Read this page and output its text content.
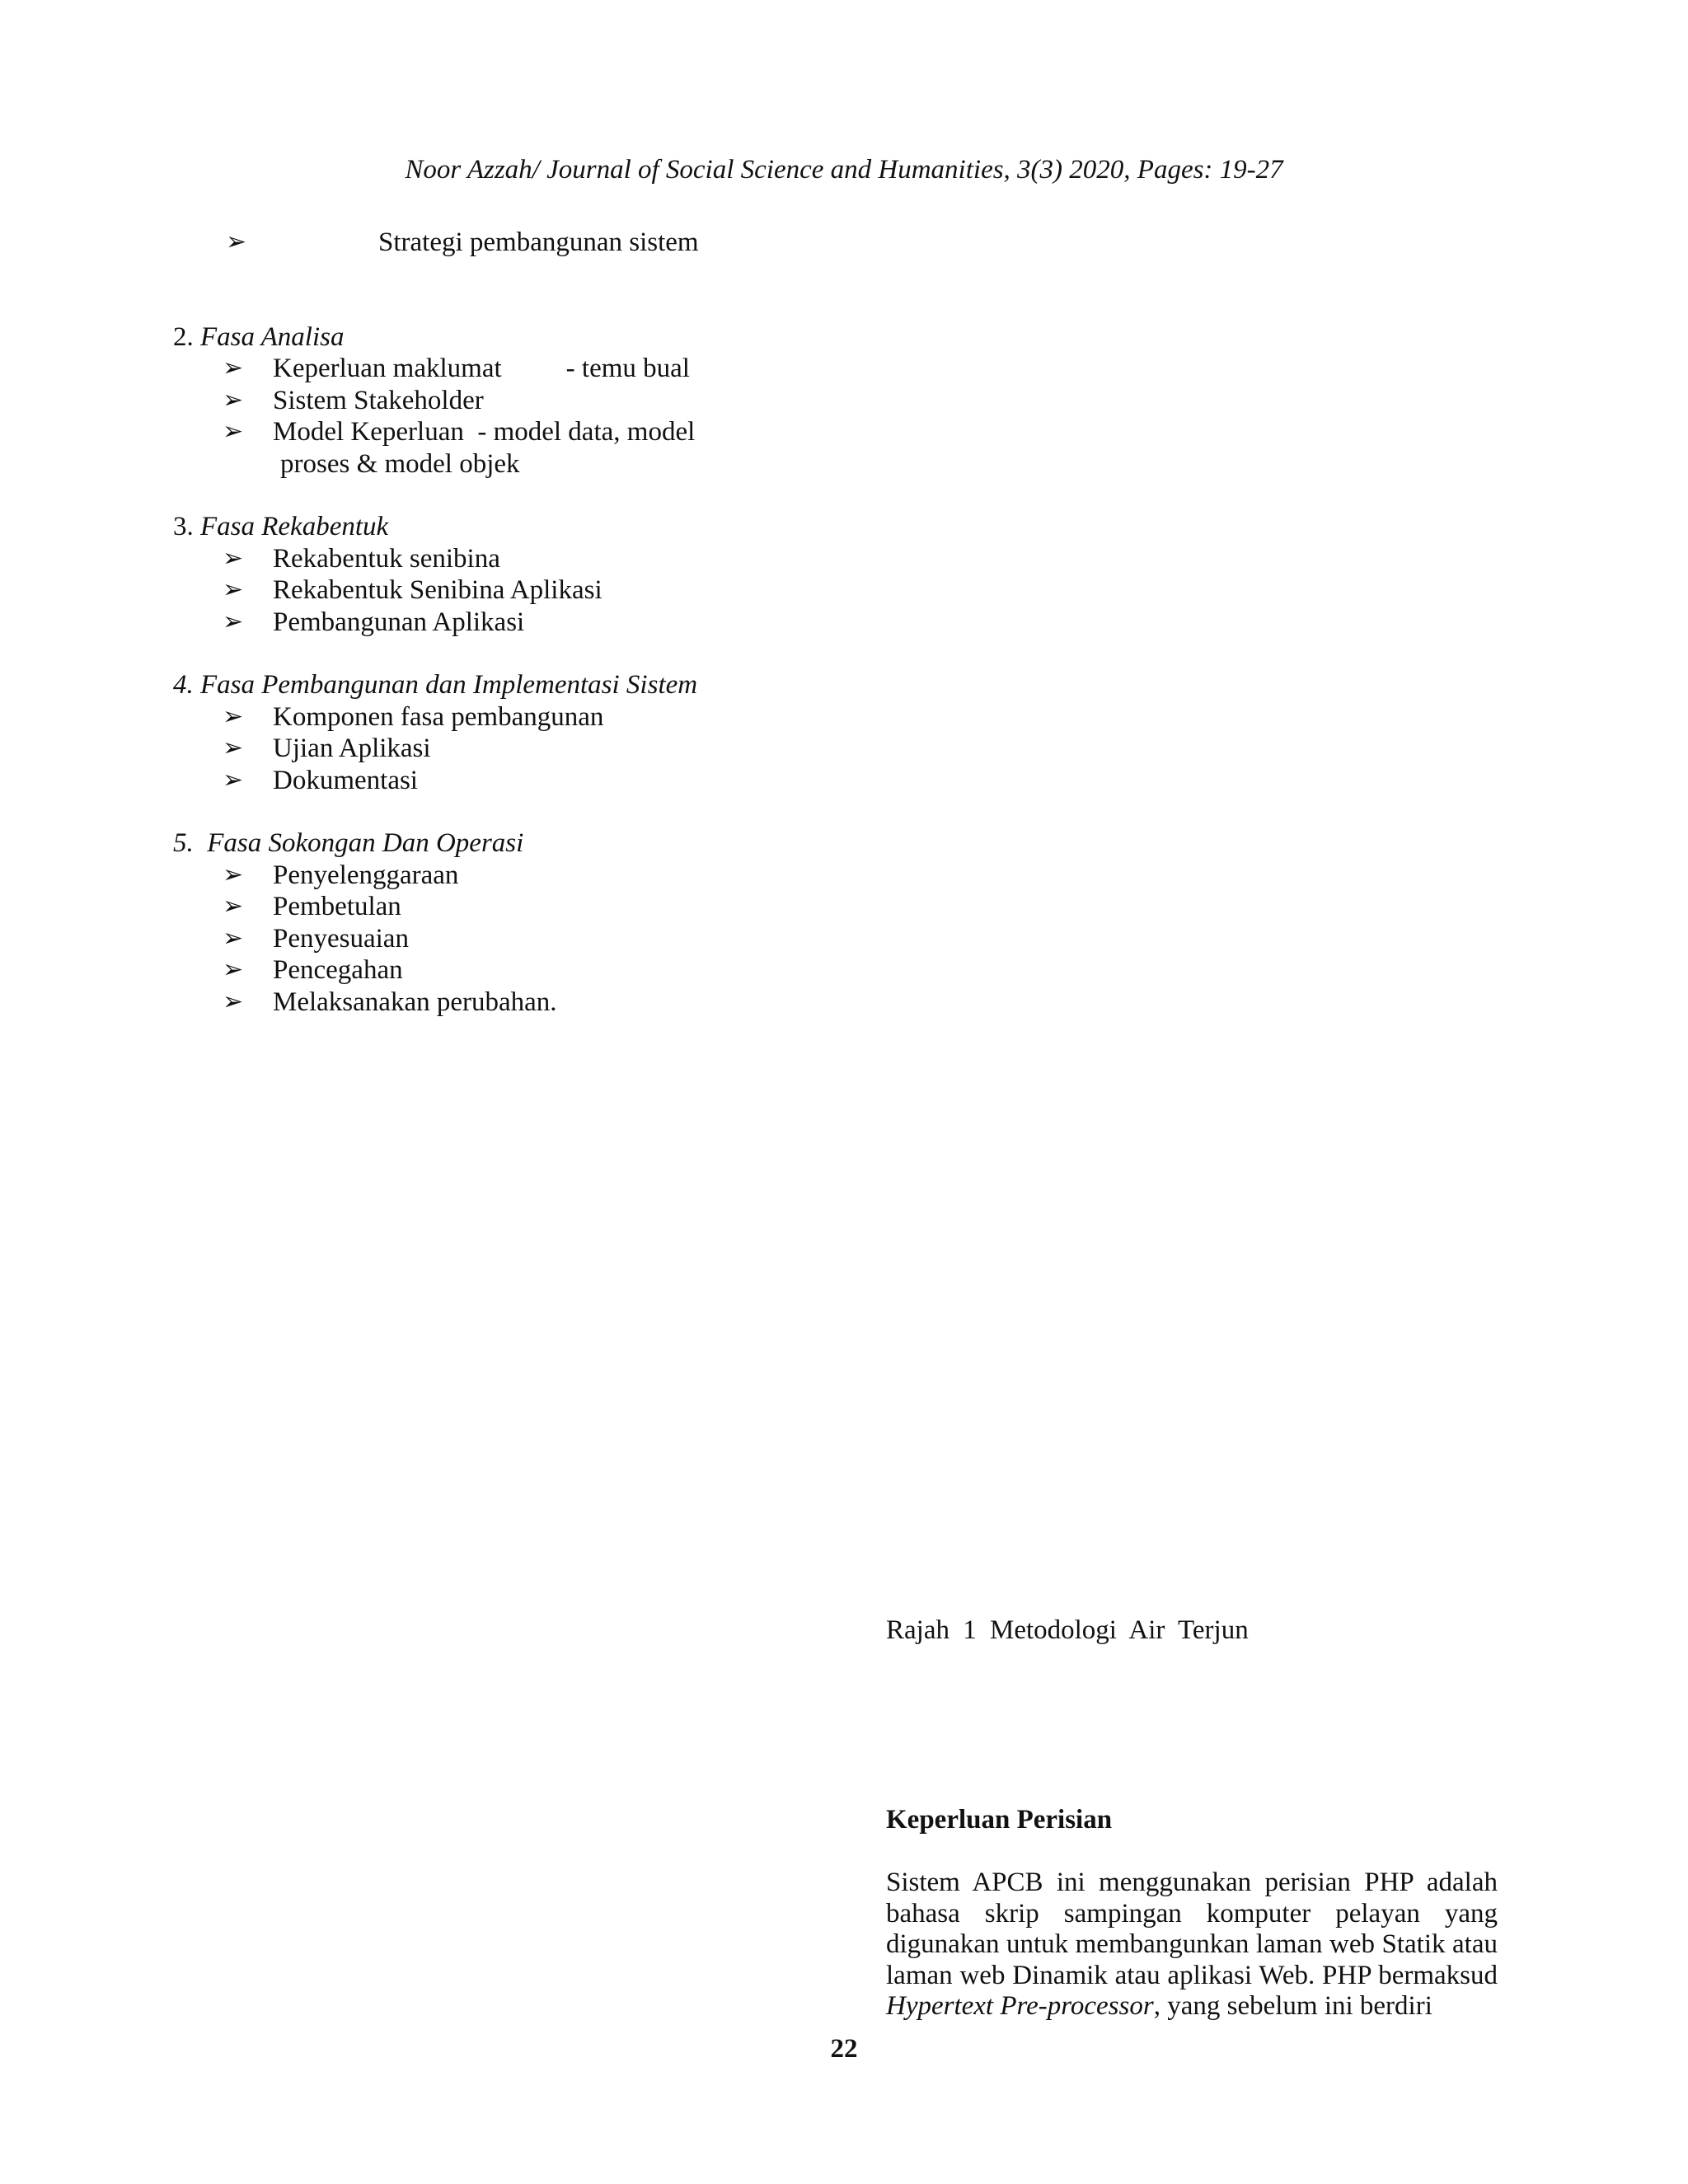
Noor Azzah/ Journal of Social Science and Humanities, 3(3) 2020, Pages: 19-27
➢	Strategi pembangunan sistem
2. Fasa Analisa
➢ Keperluan maklumat - temu bual
➢ Sistem Stakeholder
➢ Model Keperluan  - model data, model
proses & model objek
3. Fasa Rekabentuk
➢ Rekabentuk senibina
➢ Rekabentuk Senibina Aplikasi
➢ Pembangunan Aplikasi
4. Fasa Pembangunan dan Implementasi Sistem
➢ Komponen fasa pembangunan
➢ Ujian Aplikasi
➢ Dokumentasi
5. Fasa Sokongan Dan Operasi
➢ Penyelenggaraan
➢ Pembetulan
➢ Penyesuaian
➢ Pencegahan
➢ Melaksanakan perubahan.
Rajah 1 Metodologi Air Terjun
Keperluan Perisian

Sistem APCB ini menggunakan perisian PHP adalah bahasa skrip sampingan komputer pelayan yang digunakan untuk membangunkan laman web Statik atau laman web Dinamik atau aplikasi Web. PHP bermaksud Hypertext Pre-processor, yang sebelum ini berdiri

22
